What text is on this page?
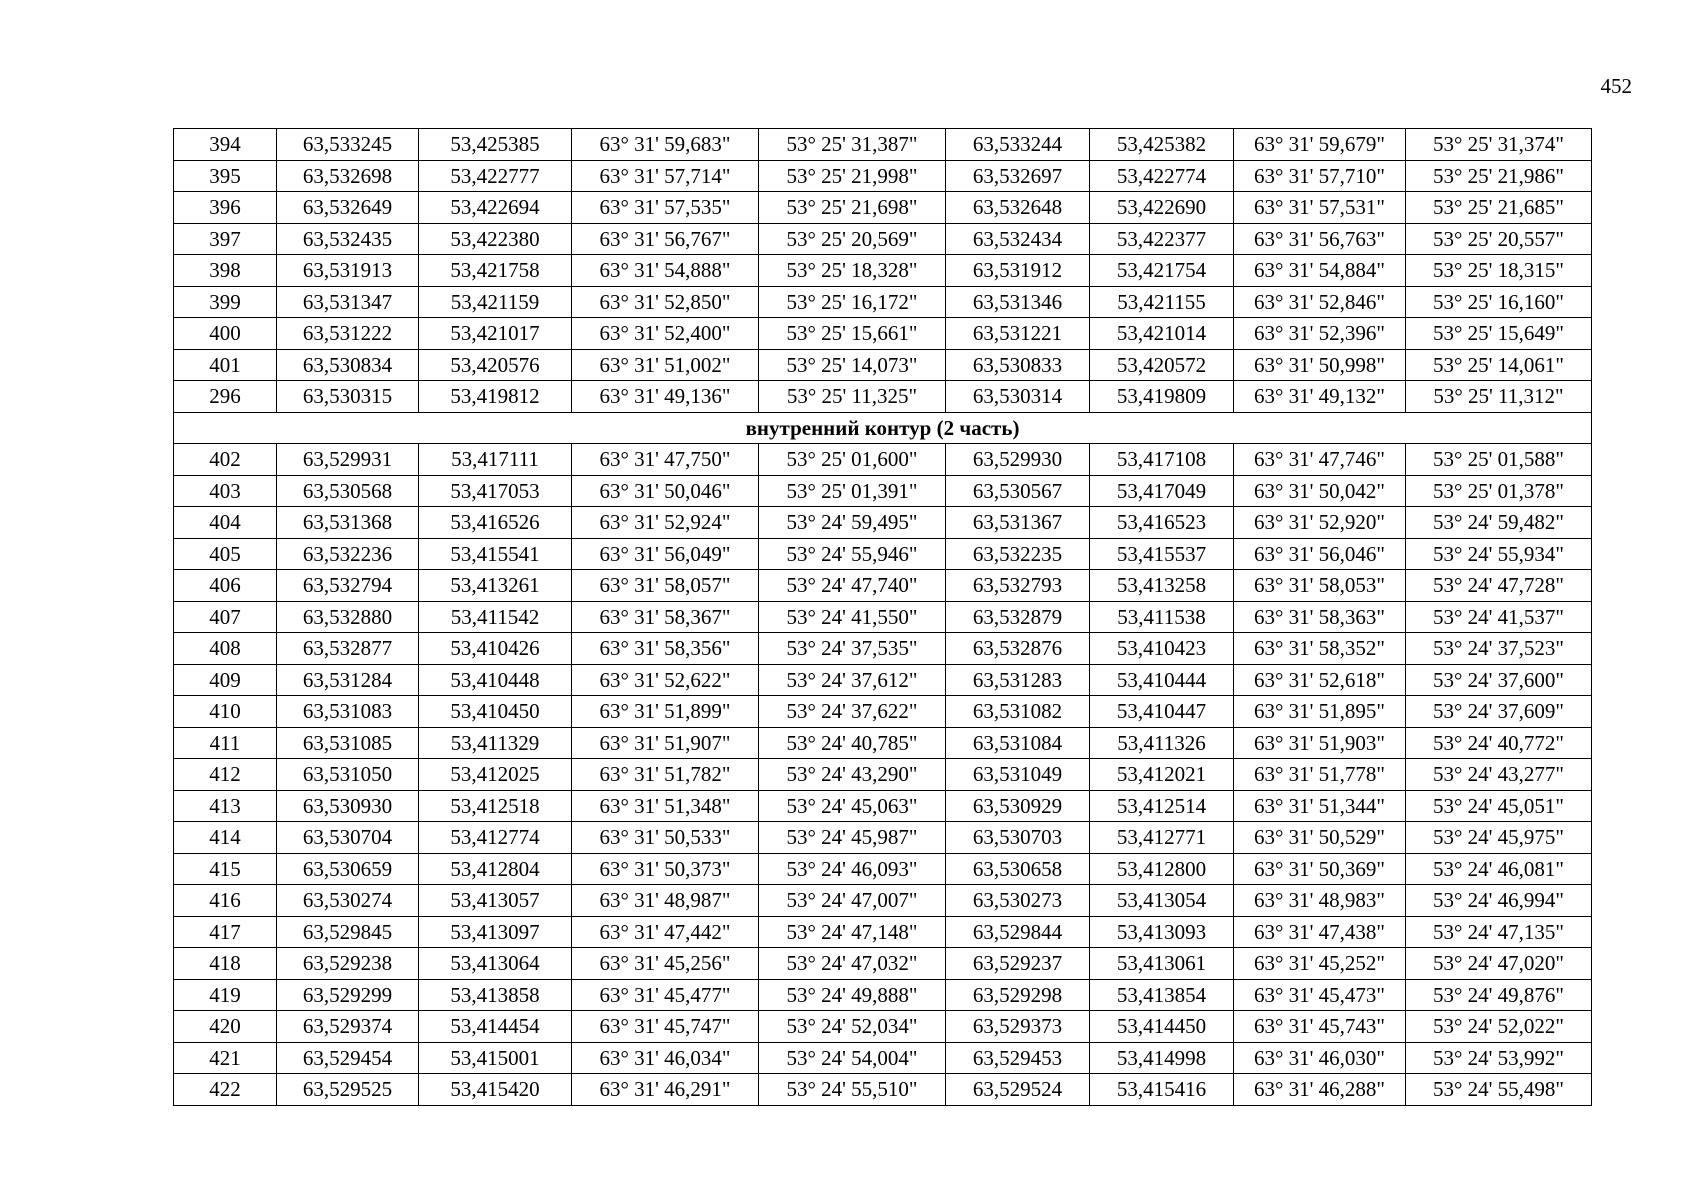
452
394	63,533245	53,425385	63° 31' 59,683"	53° 25' 31,387"	63,533244	53,425382	63° 31' 59,679"	53° 25' 31,374"
395	63,532698	53,422777	63° 31' 57,714"	53° 25' 21,998"	63,532697	53,422774	63° 31' 57,710"	53° 25' 21,986"
396	63,532649	53,422694	63° 31' 57,535"	53° 25' 21,698"	63,532648	53,422690	63° 31' 57,531"	53° 25' 21,685"
397	63,532435	53,422380	63° 31' 56,767"	53° 25' 20,569"	63,532434	53,422377	63° 31' 56,763"	53° 25' 20,557"
398	63,531913	53,421758	63° 31' 54,888"	53° 25' 18,328"	63,531912	53,421754	63° 31' 54,884"	53° 25' 18,315"
399	63,531347	53,421159	63° 31' 52,850"	53° 25' 16,172"	63,531346	53,421155	63° 31' 52,846"	53° 25' 16,160"
400	63,531222	53,421017	63° 31' 52,400"	53° 25' 15,661"	63,531221	53,421014	63° 31' 52,396"	53° 25' 15,649"
401	63,530834	53,420576	63° 31' 51,002"	53° 25' 14,073"	63,530833	53,420572	63° 31' 50,998"	53° 25' 14,061"
296	63,530315	53,419812	63° 31' 49,136"	53° 25' 11,325"	63,530314	53,419809	63° 31' 49,132"	53° 25' 11,312"
внутренний контур (2 часть)								
402	63,529931	53,417111	63° 31' 47,750"	53° 25' 01,600"	63,529930	53,417108	63° 31' 47,746"	53° 25' 01,588"
403	63,530568	53,417053	63° 31' 50,046"	53° 25' 01,391"	63,530567	53,417049	63° 31' 50,042"	53° 25' 01,378"
404	63,531368	53,416526	63° 31' 52,924"	53° 24' 59,495"	63,531367	53,416523	63° 31' 52,920"	53° 24' 59,482"
405	63,532236	53,415541	63° 31' 56,049"	53° 24' 55,946"	63,532235	53,415537	63° 31' 56,046"	53° 24' 55,934"
406	63,532794	53,413261	63° 31' 58,057"	53° 24' 47,740"	63,532793	53,413258	63° 31' 58,053"	53° 24' 47,728"
407	63,532880	53,411542	63° 31' 58,367"	53° 24' 41,550"	63,532879	53,411538	63° 31' 58,363"	53° 24' 41,537"
408	63,532877	53,410426	63° 31' 58,356"	53° 24' 37,535"	63,532876	53,410423	63° 31' 58,352"	53° 24' 37,523"
409	63,531284	53,410448	63° 31' 52,622"	53° 24' 37,612"	63,531283	53,410444	63° 31' 52,618"	53° 24' 37,600"
410	63,531083	53,410450	63° 31' 51,899"	53° 24' 37,622"	63,531082	53,410447	63° 31' 51,895"	53° 24' 37,609"
411	63,531085	53,411329	63° 31' 51,907"	53° 24' 40,785"	63,531084	53,411326	63° 31' 51,903"	53° 24' 40,772"
412	63,531050	53,412025	63° 31' 51,782"	53° 24' 43,290"	63,531049	53,412021	63° 31' 51,778"	53° 24' 43,277"
413	63,530930	53,412518	63° 31' 51,348"	53° 24' 45,063"	63,530929	53,412514	63° 31' 51,344"	53° 24' 45,051"
414	63,530704	53,412774	63° 31' 50,533"	53° 24' 45,987"	63,530703	53,412771	63° 31' 50,529"	53° 24' 45,975"
415	63,530659	53,412804	63° 31' 50,373"	53° 24' 46,093"	63,530658	53,412800	63° 31' 50,369"	53° 24' 46,081"
416	63,530274	53,413057	63° 31' 48,987"	53° 24' 47,007"	63,530273	53,413054	63° 31' 48,983"	53° 24' 46,994"
417	63,529845	53,413097	63° 31' 47,442"	53° 24' 47,148"	63,529844	53,413093	63° 31' 47,438"	53° 24' 47,135"
418	63,529238	53,413064	63° 31' 45,256"	53° 24' 47,032"	63,529237	53,413061	63° 31' 45,252"	53° 24' 47,020"
419	63,529299	53,413858	63° 31' 45,477"	53° 24' 49,888"	63,529298	53,413854	63° 31' 45,473"	53° 24' 49,876"
420	63,529374	53,414454	63° 31' 45,747"	53° 24' 52,034"	63,529373	53,414450	63° 31' 45,743"	53° 24' 52,022"
421	63,529454	53,415001	63° 31' 46,034"	53° 24' 54,004"	63,529453	53,414998	63° 31' 46,030"	53° 24' 53,992"
422	63,529525	53,415420	63° 31' 46,291"	53° 24' 55,510"	63,529524	53,415416	63° 31' 46,288"	53° 24' 55,498"
